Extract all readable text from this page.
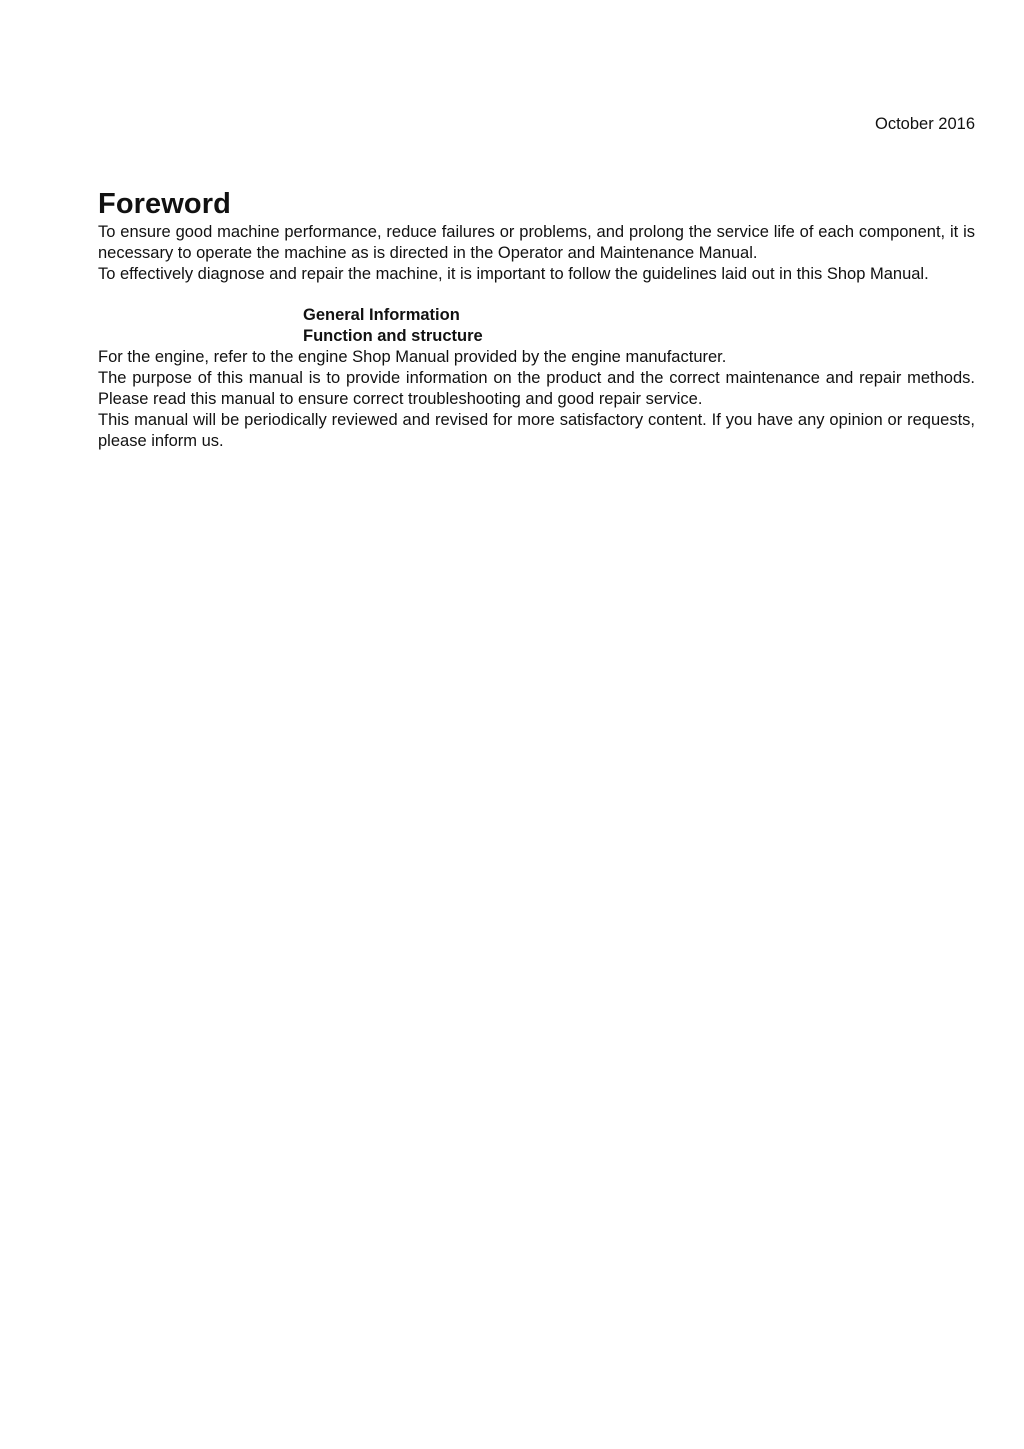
October 2016
Foreword

To ensure good machine performance, reduce failures or problems, and prolong the service life of each component, it is necessary to operate the machine as is directed in the Operator and Maintenance Manual.

To effectively diagnose and repair the machine, it is important to follow the guidelines laid out in this Shop Manual.

General Information
Function and structure

For the engine, refer to the engine Shop Manual provided by the engine manufacturer.

The purpose of this manual is to provide information on the product and the correct maintenance and repair methods. Please read this manual to ensure correct troubleshooting and good repair service.

This manual will be periodically reviewed and revised for more satisfactory content. If you have any opinion or requests, please inform us.
